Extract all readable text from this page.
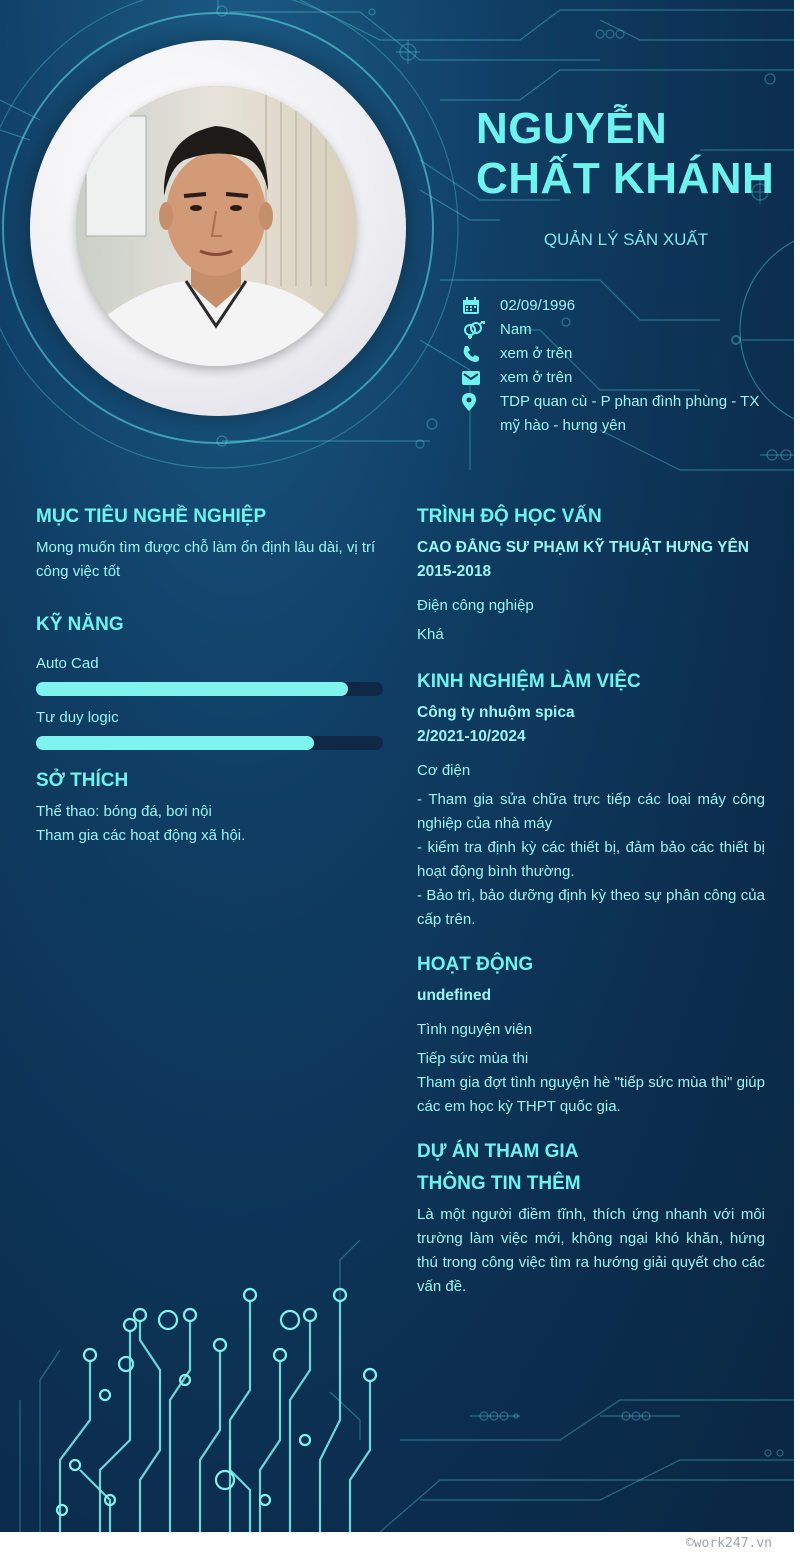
NGUYỄN CHẤT KHÁNH
QUẢN LÝ SẢN XUẤT
02/09/1996
Nam
xem ở trên
xem ở trên
TDP quan cù - P phan đình phùng - TX mỹ hào - hưng yên
MỤC TIÊU NGHỀ NGHIỆP

Mong muốn tìm được chỗ làm ổn định lâu dài, vị trí công việc tốt

KỸ NĂNG

Auto Cad

Tư duy logic

SỞ THÍCH

Thể thao: bóng đá, bơi nội

Tham gia các hoạt động xã hội.

TRÌNH ĐỘ HỌC VẤN

CAO ĐẲNG SƯ PHẠM KỸ THUẬT HƯNG YÊN

2015-2018

Điện công nghiệp

Khá

KINH NGHIỆM LÀM VIỆC

Công ty nhuộm spica

2/2021-10/2024

Cơ điện

- Tham gia sửa chữa trực tiếp các loại máy công nghiệp của nhà máy

- kiểm tra định kỳ các thiết bị, đảm bảo các thiết bị hoạt động bình thường.

- Bảo trì, bảo dưỡng định kỳ theo sự phân công của cấp trên.

HOẠT ĐỘNG

undefined

Tình nguyện viên

Tiếp sức mùa thi

Tham gia đợt tình nguyện hè "tiếp sức mùa thi" giúp các em học kỳ THPT quốc gia.

DỰ ÁN THAM GIA
THÔNG TIN THÊM

Là một người điềm tĩnh, thích ứng nhanh với môi trường làm việc mới, không ngại khó khăn, hứng thú trong công việc tìm ra hướng giải quyết cho các vấn đề.

©work247.vn
